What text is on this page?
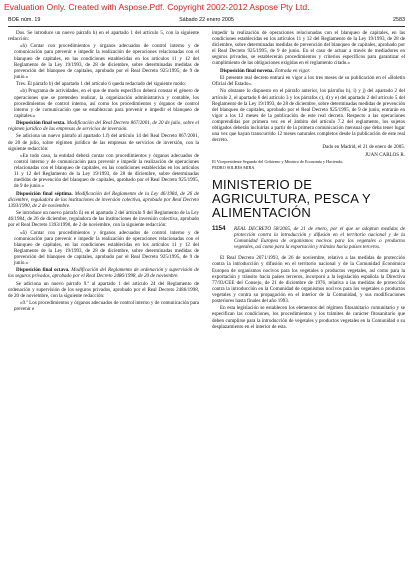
Evaluation Only. Created with Aspose.Pdf. Copyright 2002-2012 Aspose Pty Ltd.
BOE núm. 19	Sábado 22 enero 2005	2583

Dos. Se introduce un nuevo párrafo h) en el apartado 1 del artículo 5, con la siguiente redacción:

«h) Contar con procedimientos y órganos adecuados de control interno y de comunicación para prevenir e impedir la realización de operaciones relacionadas con el blanqueo de capitales, en las condiciones establecidas en los artículos 11 y 12 del Reglamento de la Ley 19/1993, de 28 de diciembre, sobre determinadas medidas de prevención del blanqueo de capitales, aprobado por el Real Decreto 925/1995, de 9 de junio.»

Tres. El párrafo b) del apartado 1 del artículo 6 queda redactado del siguiente modo:

«b) Programa de actividades, en el que de modo específico deberá constar el género de operaciones que se pretenden realizar, la organización administrativa y contable, los procedimientos de control interno, así como los procedimientos y órganos de control interno y de comunicación que se establezcan para prevenir e impedir el blanqueo de capitales.»

Disposición final sexta. Modificación del Real Decreto 867/2001, de 20 de julio, sobre el régimen jurídico de las empresas de servicios de inversión.

Se adiciona un nuevo párrafo al apartado 1.f) del artículo 14 del Real Decreto 867/2001, de 20 de julio, sobre régimen jurídico de las empresas de servicios de inversión, con la siguiente redacción:

«En todo caso, la entidad deberá contar con procedimientos y órganos adecuados de control interno y de comunicación para prevenir e impedir la realización de operaciones relacionadas con el blanqueo de capitales, en las condiciones establecidas en los artículos 11 y 12 del Reglamento de la Ley 19/1993, de 28 de diciembre, sobre determinadas medidas de prevención del blanqueo de capitales, aprobado por el Real Decreto 925/1995, de 9 de junio.»

Disposición final séptima. Modificación del Reglamento de la Ley 46/1984, de 26 de diciembre, reguladora de las instituciones de inversión colectiva, aprobado por Real Decreto 1393/1990, de 2 de noviembre.

Se introduce un nuevo párrafo ñ) en el apartado 2 del artículo 9 del Reglamento de la Ley 46/1984, de 26 de diciembre, reguladora de las instituciones de inversión colectiva, aprobado por el Real Decreto 1393/1990, de 2 de noviembre, con la siguiente redacción:

«ñ) Contar con procedimientos y órganos adecuados de control interno y de comunicación para prevenir e impedir la realización de operaciones relacionadas con el blanqueo de capitales, en las condiciones establecidas en los artículos 11 y 12 del Reglamento de la Ley 19/1993, de 28 de diciembre, sobre determinadas medidas de prevención del blanqueo de capitales, aprobado por el Real Decreto 925/1995, de 9 de junio.»

Disposición final octava. Modificación del Reglamento de ordenación y supervisión de los seguros privados, aprobado por el Real Decreto 2486/1998, de 20 de noviembre.

Se adiciona un nuevo párrafo 9.º al apartado 1 del artículo 24 del Reglamento de ordenación y supervisión de los seguros privados, aprobado por el Real Decreto 2486/1998, de 20 de noviembre, con la siguiente redacción:

«9.º Los procedimientos y órganos adecuados de control interno y de comunicación para prevenir e

impedir la realización de operaciones relacionadas con el blanqueo de capitales, en las condiciones establecidas en los artículos 11 y 12 del Reglamento de la Ley 19/1993, de 28 de diciembre, sobre determinadas medidas de prevención del blanqueo de capitales, aprobado por el Real Decreto 925/1995, de 9 de junio. En el caso de actuar a través de mediadores en seguros privados, se establecerán procedimientos y criterios específicos para garantizar el cumplimiento de las obligaciones exigidas en el reglamento citado.»

Disposición final novena. Entrada en vigor.

El presente real decreto entrará en vigor a los tres meses de su publicación en el «Boletín Oficial del Estado».

No obstante lo dispuesto en el párrafo anterior, los párrafos h), i) y j) del apartado 2 del artículo 2, el apartado 6 del artículo 3 y los párrafos c), d) y e) del apartado 2 del artículo 5 del Reglamento de la Ley 19/1993, de 28 de diciembre, sobre determinadas medidas de prevención del blanqueo de capitales, aprobado por el Real Decreto 925/1995, de 9 de junio, entrarán en vigor a los 12 meses de la publicación de este real decreto. Respecto a las operaciones comprendidas por primera vez en el ámbito del artículo 7.2 del reglamento, los sujetos obligados deberán incluirlas a partir de la primera comunicación mensual que deba tener lugar una vez que hayan transcurrido 12 meses naturales completos desde la publicación de este real decreto.

Dado en Madrid, el 21 de enero de 2005.

JUAN CARLOS R.

El Vicepresidente Segundo del Gobierno y Ministro de Economía y Hacienda,

PEDRO SOLBES MIRA

MINISTERIO DE AGRICULTURA, PESCA Y ALIMENTACIÓN
1154	REAL DECRETO 58/2005, de 21 de enero, por el que se adoptan medidas de protección contra la introducción y difusión en el territorio nacional y de la Comunidad Europea de organismos nocivos para los vegetales o productos vegetales, así como para la exportación y tránsito hacia países terceros.

El Real Decreto 2071/1993, de 26 de noviembre, relativo a las medidas de protección contra la introducción y difusión en el territorio nacional y de la Comunidad Económica Europea de organismos nocivos para los vegetales o productos vegetales, así como para la exportación y tránsito hacia países terceros, incorporó a la legislación española la Directiva 77/93/CEE del Consejo, de 21 de diciembre de 1976, relativa a las medidas de protección contra la introducción en la Comunidad de organismos nocivos para los vegetales o productos vegetales y contra su propagación en el interior de la Comunidad, y sus modificaciones posteriores hasta finales del año 1993.

En esta legislación se establecen los elementos del régimen fitosanitario comunitario y se especifican las condiciones, los procedimientos y los trámites de carácter fitosanitario que deben cumplirse para la introducción de vegetales y productos vegetales en la Comunidad o su desplazamiento en el interior de esta.
